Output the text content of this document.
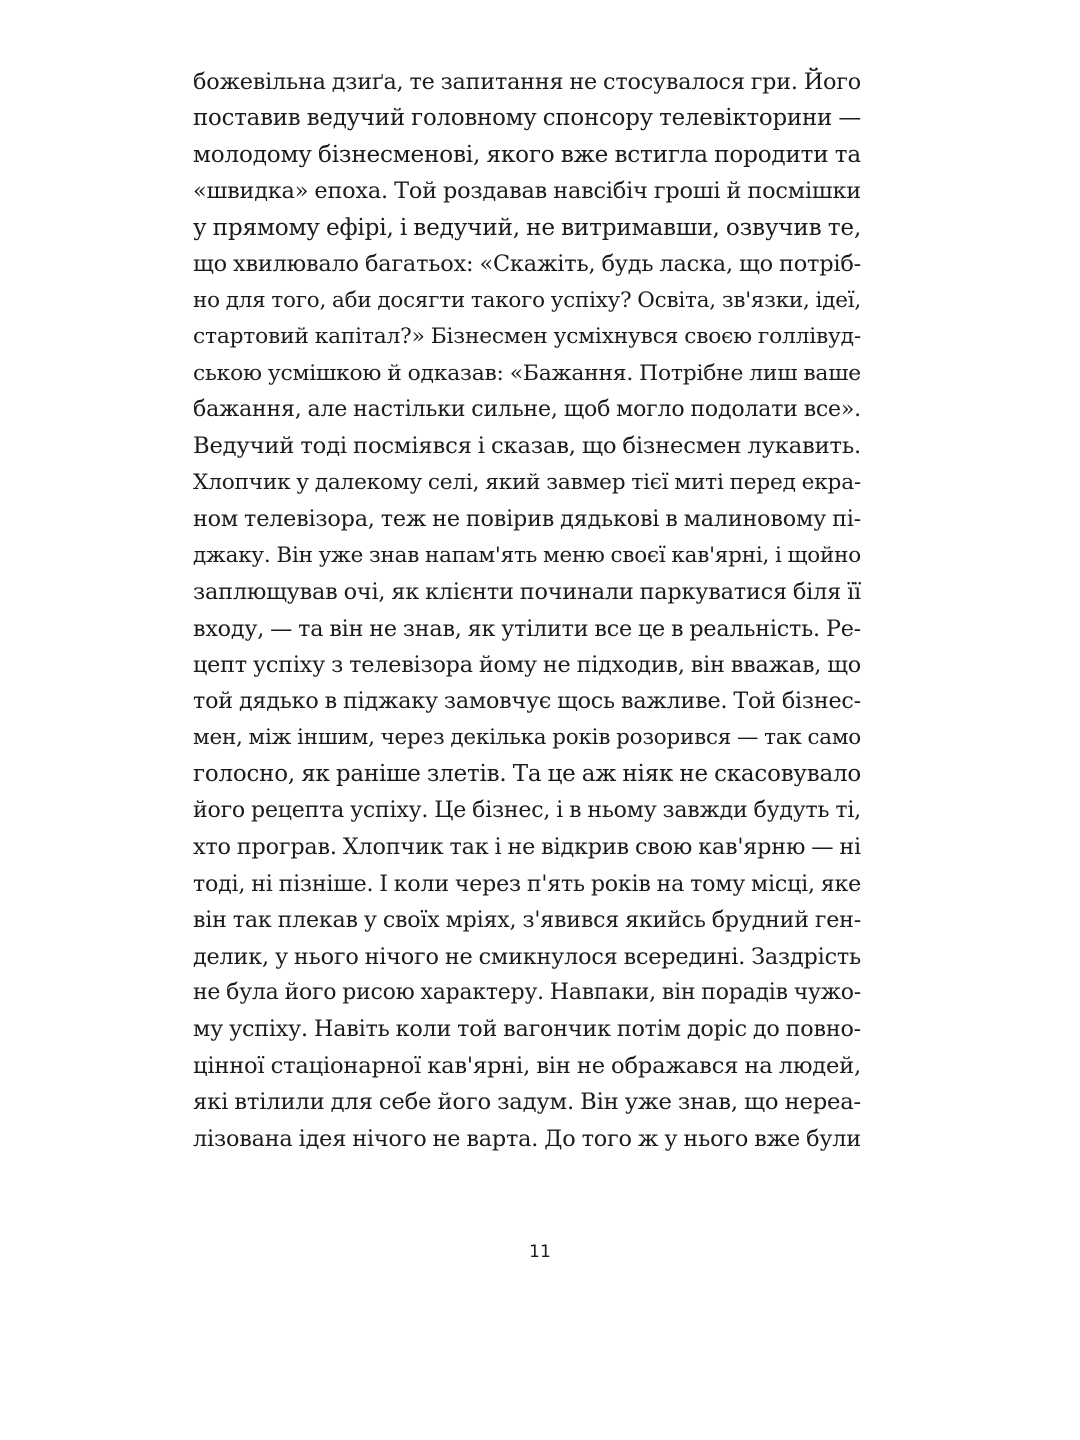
божевільна дзиґа, те запитання не стосувалося гри. Його
поставив ведучий головному спонсору телевікторини —
молодому бізнесменові, якого вже встигла породити та
«швидка» епоха. Той роздавав навсібіч гроші й посмішки
у прямому ефірі, і ведучий, не витримавши, озвучив те,
що хвилювало багатьох: «Скажіть, будь ласка, що потріб-
но для того, аби досягти такого успіху? Освіта, зв'язки, ідеї,
стартовий капітал?» Бізнесмен усміхнувся своєю голлівуд-
ською усмішкою й одказав: «Бажання. Потрібне лиш ваше
бажання, але настільки сильне, щоб могло подолати все».
Ведучий тоді посміявся і сказав, що бізнесмен лукавить.
Хлопчик у далекому селі, який завмер тієї миті перед екра-
ном телевізора, теж не повірив дядькові в малиновому пі-
джаку. Він уже знав напам'ять меню своєї кав'ярні, і щойно
заплющував очі, як клієнти починали паркуватися біля її
входу, — та він не знав, як утілити все це в реальність. Ре-
цепт успіху з телевізора йому не підходив, він вважав, що
той дядько в піджаку замовчує щось важливе. Той бізнес-
мен, між іншим, через декілька років розорився — так само
голосно, як раніше злетів. Та це аж ніяк не скасовувало
його рецепта успіху. Це бізнес, і в ньому завжди будуть ті,
хто програв. Хлопчик так і не відкрив свою кав'ярню — ні
тоді, ні пізніше. І коли через п'ять років на тому місці, яке
він так плекав у своїх мріях, з'явився якийсь брудний ген-
делик, у нього нічого не смикнулося всередині. Заздрість
не була його рисою характеру. Навпаки, він порадів чужо-
му успіху. Навіть коли той вагончик потім доріс до повно-
цінної стаціонарної кав'ярні, він не ображався на людей,
які втілили для себе його задум. Він уже знав, що нереа-
лізована ідея нічого не варта. До того ж у нього вже були
11
